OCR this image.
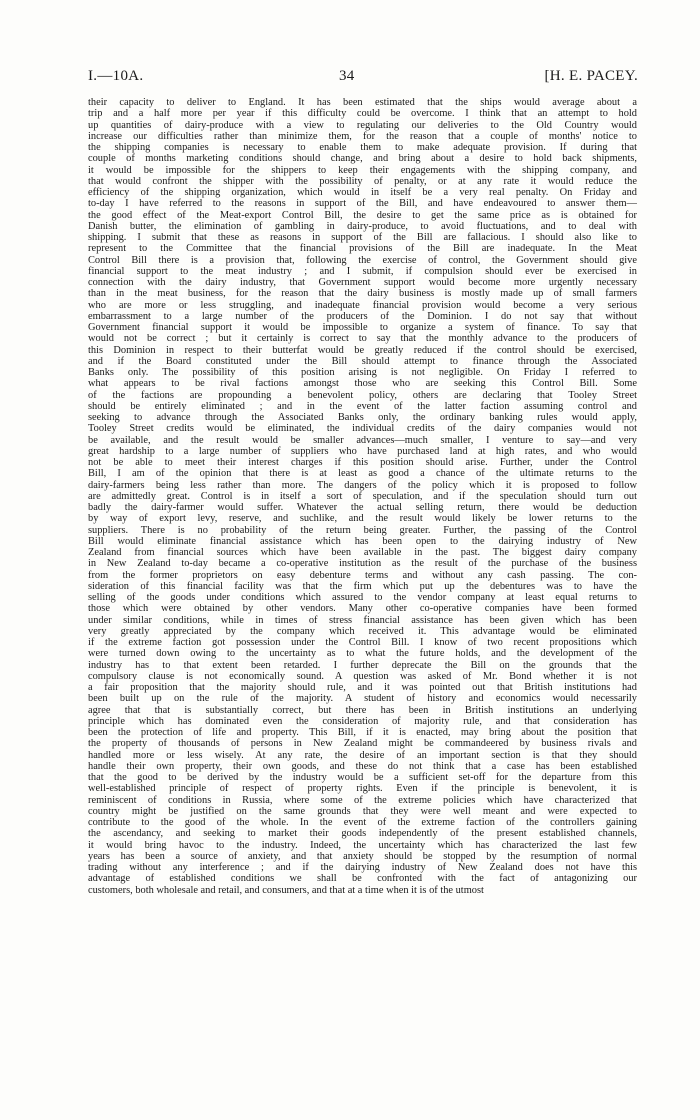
I.—10A.	34	[H. E. PACEY.
their capacity to deliver to England. It has been estimated that the ships would average about a
trip and a half more per year if this difficulty could be overcome. I think that an attempt to hold
up quantities of dairy-produce with a view to regulating our deliveries to the Old Country would
increase our difficulties rather than minimize them, for the reason that a couple of months' notice to
the shipping companies is necessary to enable them to make adequate provision. If during that
couple of months marketing conditions should change, and bring about a desire to hold back shipments,
it would be impossible for the shippers to keep their engagements with the shipping company, and
that would confront the shipper with the possibility of penalty, or at any rate it would reduce the
efficiency of the shipping organization, which would in itself be a very real penalty. On Friday and
to-day I have referred to the reasons in support of the Bill, and have endeavoured to answer them—
the good effect of the Meat-export Control Bill, the desire to get the same price as is obtained for
Danish butter, the elimination of gambling in dairy-produce, to avoid fluctuations, and to deal with
shipping. I submit that these as reasons in support of the Bill are fallacious. I should also like to
represent to the Committee that the financial provisions of the Bill are inadequate. In the Meat
Control Bill there is a provision that, following the exercise of control, the Government should give
financial support to the meat industry ; and I submit, if compulsion should ever be exercised in
connection with the dairy industry, that Government support would become more urgently necessary
than in the meat business, for the reason that the dairy business is mostly made up of small farmers
who are more or less struggling, and inadequate financial provision would become a very serious
embarrassment to a large number of the producers of the Dominion. I do not say that without
Government financial support it would be impossible to organize a system of finance. To say that
would not be correct ; but it certainly is correct to say that the monthly advance to the producers of
this Dominion in respect to their butterfat would be greatly reduced if the control should be exercised,
and if the Board constituted under the Bill should attempt to finance through the Associated
Banks only. The possibility of this position arising is not negligible. On Friday I referred to
what appears to be rival factions amongst those who are seeking this Control Bill. Some
of the factions are propounding a benevolent policy, others are declaring that Tooley Street
should be entirely eliminated ; and in the event of the latter faction assuming control and
seeking to advance through the Associated Banks only, the ordinary banking rules would apply,
Tooley Street credits would be eliminated, the individual credits of the dairy companies would not
be available, and the result would be smaller advances—much smaller, I venture to say—and very
great hardship to a large number of suppliers who have purchased land at high rates, and who would
not be able to meet their interest charges if this position should arise. Further, under the Control
Bill, I am of the opinion that there is at least as good a chance of the ultimate returns to the
dairy-farmers being less rather than more. The dangers of the policy which it is proposed to follow
are admittedly great. Control is in itself a sort of speculation, and if the speculation should turn out
badly the dairy-farmer would suffer. Whatever the actual selling return, there would be deduction
by way of export levy, reserve, and suchlike, and the result would likely be lower returns to the
suppliers. There is no probability of the return being greater. Further, the passing of the Control
Bill would eliminate financial assistance which has been open to the dairying industry of New
Zealand from financial sources which have been available in the past. The biggest dairy company
in New Zealand to-day became a co-operative institution as the result of the purchase of the business
from the former proprietors on easy debenture terms and without any cash passing. The con-
sideration of this financial facility was that the firm which put up the debentures was to have the
selling of the goods under conditions which assured to the vendor company at least equal returns to
those which were obtained by other vendors. Many other co-operative companies have been formed
under similar conditions, while in times of stress financial assistance has been given which has been
very greatly appreciated by the company which received it. This advantage would be eliminated
if the extreme faction got possession under the Control Bill. I know of two recent propositions which
were turned down owing to the uncertainty as to what the future holds, and the development of the
industry has to that extent been retarded. I further deprecate the Bill on the grounds that the
compulsory clause is not economically sound. A question was asked of Mr. Bond whether it is not
a fair proposition that the majority should rule, and it was pointed out that British institutions had
been built up on the rule of the majority. A student of history and economics would necessarily
agree that that is substantially correct, but there has been in British institutions an underlying
principle which has dominated even the consideration of majority rule, and that consideration has
been the protection of life and property. This Bill, if it is enacted, may bring about the position that
the property of thousands of persons in New Zealand might be commandeered by business rivals and
handled more or less wisely. At any rate, the desire of an important section is that they should
handle their own property, their own goods, and these do not think that a case has been established
that the good to be derived by the industry would be a sufficient set-off for the departure from this
well-established principle of respect of property rights. Even if the principle is benevolent, it is
reminiscent of conditions in Russia, where some of the extreme policies which have characterized that
country might be justified on the same grounds that they were well meant and were expected to
contribute to the good of the whole. In the event of the extreme faction of the controllers gaining
the ascendancy, and seeking to market their goods independently of the present established channels,
it would bring havoc to the industry. Indeed, the uncertainty which has characterized the last few
years has been a source of anxiety, and that anxiety should be stopped by the resumption of normal
trading without any interference ; and if the dairying industry of New Zealand does not have this
advantage of established conditions we shall be confronted with the fact of antagonizing our
customers, both wholesale and retail, and consumers, and that at a time when it is of the utmost
